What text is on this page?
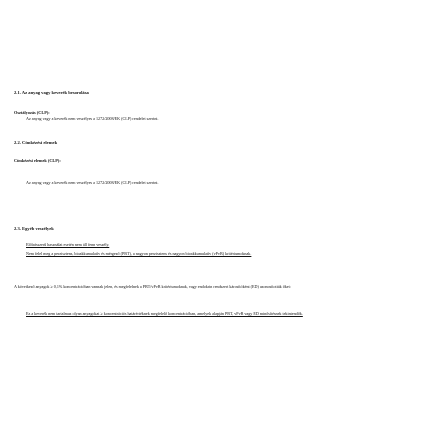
2.1. Az anyag vagy keverék besorolása
Osztályozás (CLP):
Az anyag vagy a keverék nem veszélyes a 1272/2008/EK (CLP) rendelet szerint.
2.2. Címkézési elemek
Címkézési elemek (CLP):
Az anyag vagy a keverék nem veszélyes a 1272/2008/EK (CLP) rendelet szerint.
2.3. Egyéb veszélyek
Előírásszerű használat esetén nem áll fenn veszély.
Nem felel meg a perzisztens, bioakkumulatív és mérgező (PBT), a nagyon perzisztens és nagyon bioakkumulatív (vPvB) kritériumoknak.
A következő anyagok ≥ 0,1% koncentrációban vannak jelen, és megfelelnek a PBT/vPvB kritériumoknak, vagy endokrin rendszert károsítóként (ED) azonosították őket:
Ez a keverék nem tartalmaz olyan anyagokat ≥ koncentrációs határértéknek megfelelő koncentrációban, amelyek alapján PBT, vPvB vagy ED minősítésnek tekintendők.
